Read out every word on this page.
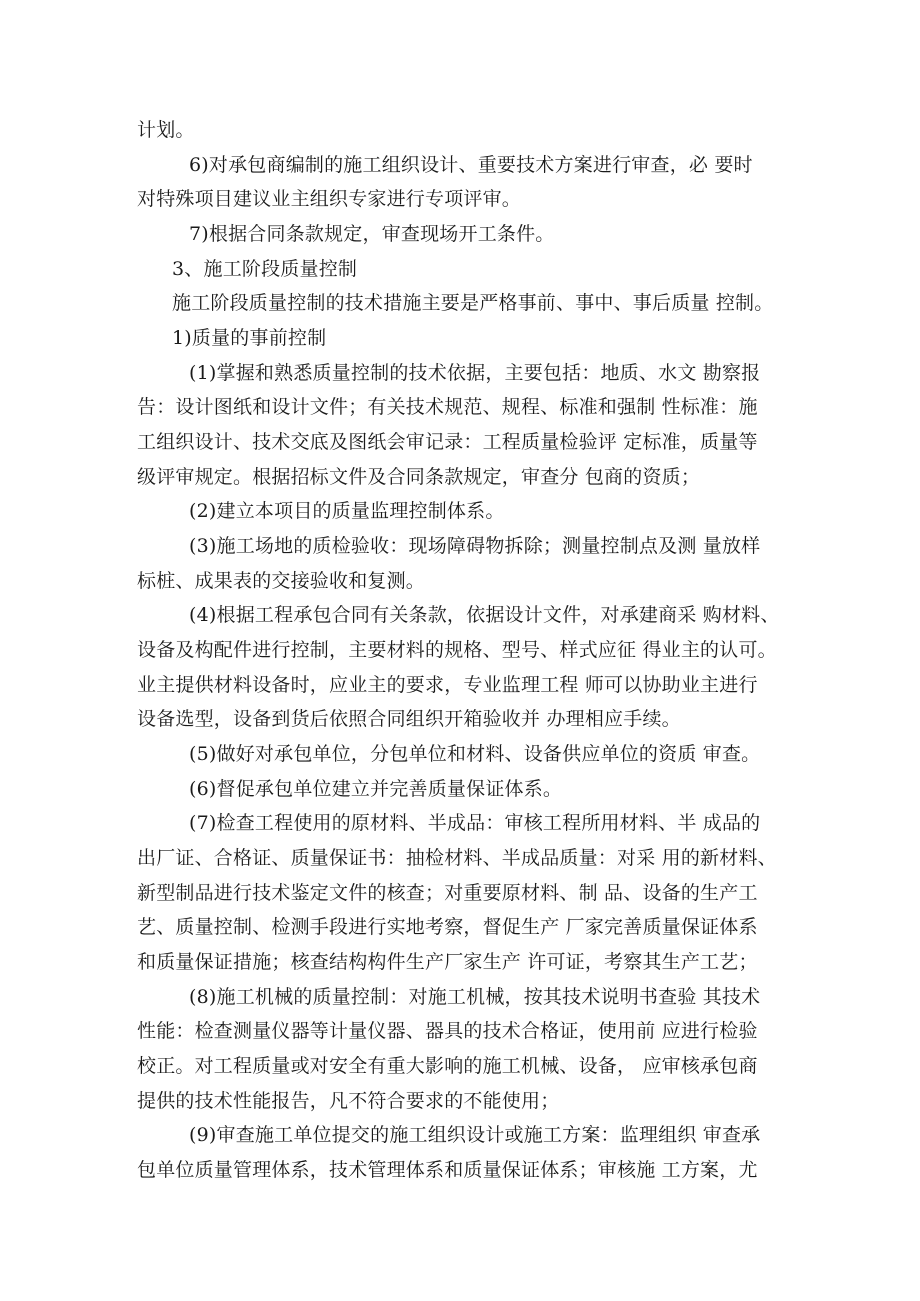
计划。
6)对承包商编制的施工组织设计、重要技术方案进行审查，必 要时
对特殊项目建议业主组织专家进行专项评审。
7)根据合同条款规定，审查现场开工条件。
3、施工阶段质量控制
施工阶段质量控制的技术措施主要是严格事前、事中、事后质量 控制。
1)质量的事前控制
(1)掌握和熟悉质量控制的技术依据，主要包括：地质、水文 勘察报
告：设计图纸和设计文件；有关技术规范、规程、标准和强制 性标准：施
工组织设计、技术交底及图纸会审记录：工程质量检验评 定标准，质量等
级评审规定。根据招标文件及合同条款规定，审查分 包商的资质；
(2)建立本项目的质量监理控制体系。
(3)施工场地的质检验收：现场障碍物拆除；测量控制点及测 量放样
标桩、成果表的交接验收和复测。
(4)根据工程承包合同有关条款，依据设计文件，对承建商采 购材料、
设备及构配件进行控制，主要材料的规格、型号、样式应征 得业主的认可。
业主提供材料设备时，应业主的要求，专业监理工程 师可以协助业主进行
设备选型，设备到货后依照合同组织开箱验收并 办理相应手续。
(5)做好对承包单位，分包单位和材料、设备供应单位的资质 审查。
(6)督促承包单位建立并完善质量保证体系。
(7)检查工程使用的原材料、半成品：审核工程所用材料、半 成品的
出厂证、合格证、质量保证书：抽检材料、半成品质量：对采 用的新材料、
新型制品进行技术鉴定文件的核查；对重要原材料、制 品、设备的生产工
艺、质量控制、检测手段进行实地考察，督促生产 厂家完善质量保证体系
和质量保证措施；核查结构构件生产厂家生产 许可证，考察其生产工艺；
(8)施工机械的质量控制：对施工机械，按其技术说明书查验 其技术
性能：检查测量仪器等计量仪器、器具的技术合格证，使用前 应进行检验
校正。对工程质量或对安全有重大影响的施工机械、设备， 应审核承包商
提供的技术性能报告，凡不符合要求的不能使用；
(9)审查施工单位提交的施工组织设计或施工方案：监理组织 审查承
包单位质量管理体系，技术管理体系和质量保证体系；审核施 工方案，尤
